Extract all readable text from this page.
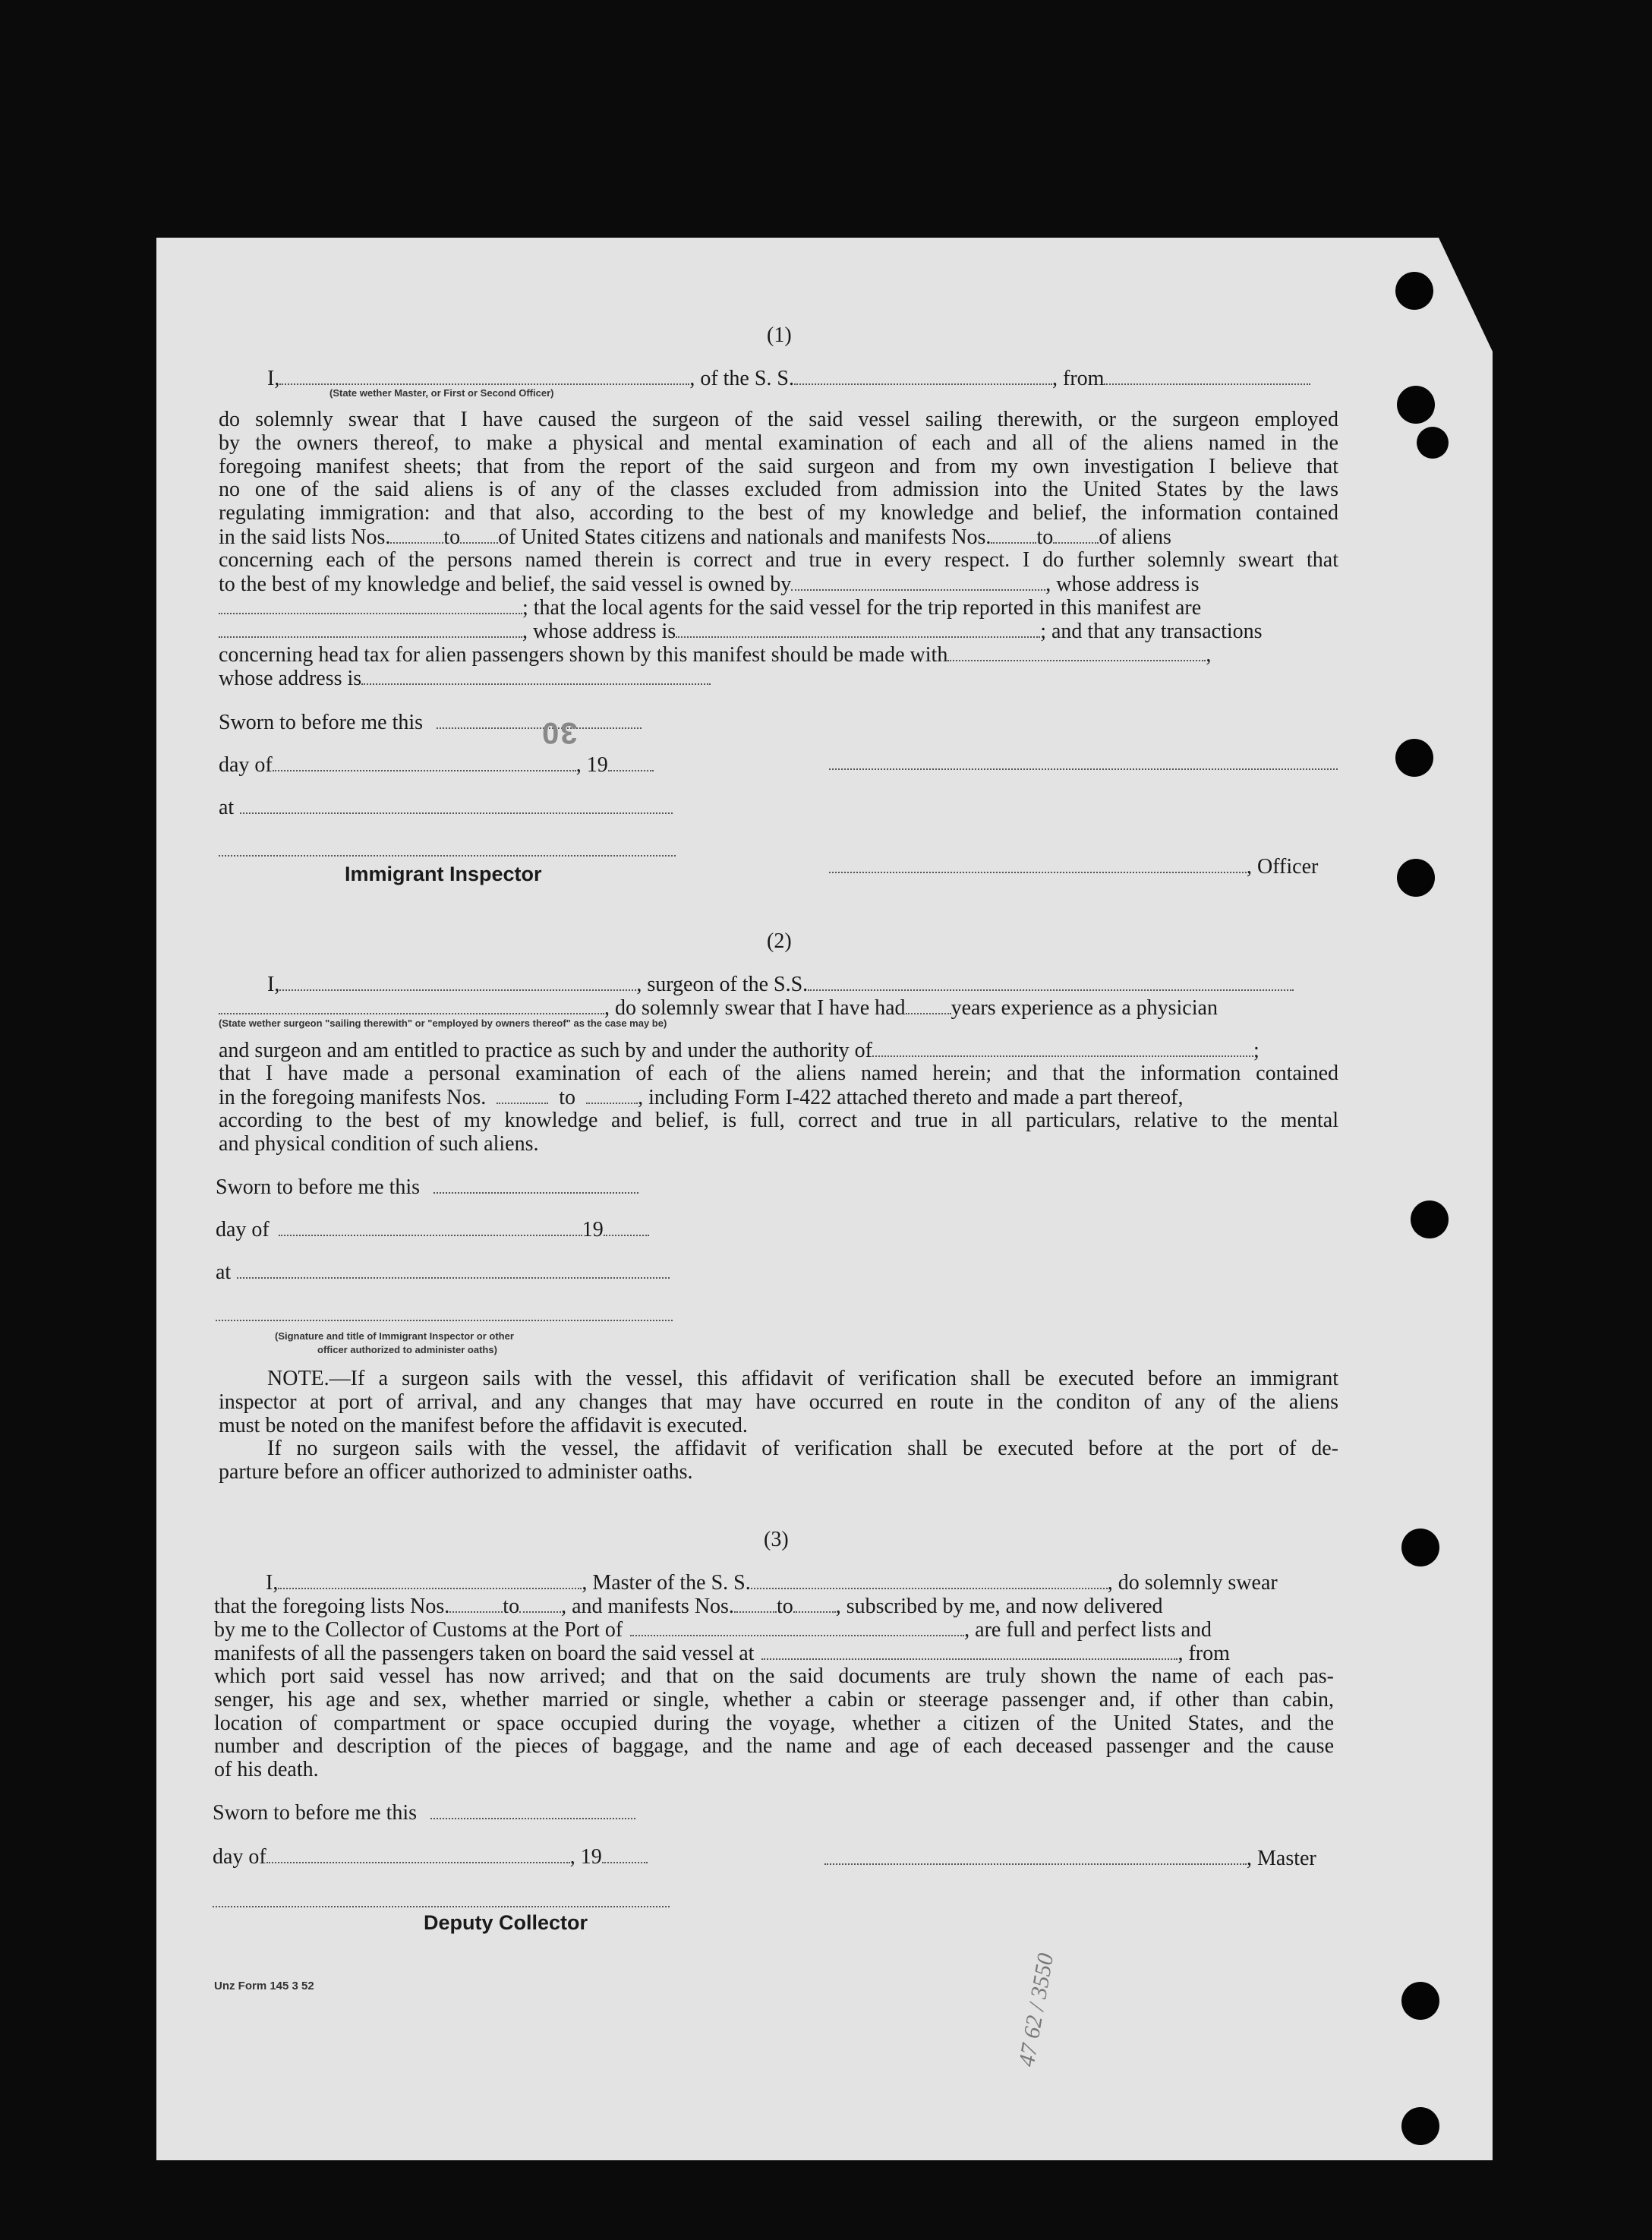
(1)
I,	, of the S. S.	, from
(State wether Master, or First or Second Officer)
do solemnly swear that I have caused the surgeon of the said vessel sailing therewith, or the surgeon employed
by the owners thereof, to make a physical and mental examination of each and all of the aliens named in the
foregoing manifest sheets; that from the report of the said surgeon and from my own investigation I believe that
no one of the said aliens is of any of the classes excluded from admission into the United States by the laws
regulating immigration: and that also, according to the best of my knowledge and belief, the information contained
in the said lists Nos.	to of United States citizens and nationals and manifests Nos. to of aliens
concerning each of the persons named therein is correct and true in every respect. I do further solemnly sweart that
to the best of my knowledge and belief, the said vessel is owned by	, whose address is
; that the local agents for the said vessel for the trip reported in this manifest are
, whose address is	; and that any transactions
concerning head tax for alien passengers shown by this manifest should be made with	,
whose address is
Sworn to before me this	30
day of	, 19
at
Immigrant Inspector	, Officer
(2)
I,	, surgeon of the S.S.
, do solemnly swear that I have had years experience as a physician
(State wether surgeon "sailing therewith" or "employed by owners thereof" as the case may be)
and surgeon and am entitled to practice as such by and under the authority of	;
that I have made a personal examination of each of the aliens named herein; and that the information contained
in the foregoing manifests Nos.	to	, including Form I-422 attached thereto and made a part thereof,
according to the best of my knowledge and belief, is full, correct and true in all particulars, relative to the mental
and physical condition of such aliens.
Sworn to before me this
day of	19
at
(Signature and title of Immigrant Inspector or other
officer authorized to administer oaths)
NOTE.—If a surgeon sails with the vessel, this affidavit of verification shall be executed before an immigrant
inspector at port of arrival, and any changes that may have occurred en route in the conditon of any of the aliens
must be noted on the manifest before the affidavit is executed.
If no surgeon sails with the vessel, the affidavit of verification shall be executed before at the port of de-
parture before an officer authorized to administer oaths.
(3)
I,	, Master of the S. S.	, do solemnly swear
that the foregoing lists Nos.	to , and manifests Nos. to , subscribed by me, and now delivered
by me to the Collector of Customs at the Port of	, are full and perfect lists and
manifests of all the passengers taken on board the said vessel at	, from
which port said vessel has now arrived; and that on the said documents are truly shown the name of each pas-
senger, his age and sex, whether married or single, whether a cabin or steerage passenger and, if other than cabin,
location of compartment or space occupied during the voyage, whether a citizen of the United States, and the
number and description of the pieces of baggage, and the name and age of each deceased passenger and the cause
of his death.
Sworn to before me this
day of	, 19	, Master
Deputy Collector
Unz Form 145 3 52	47 62 / 3550
